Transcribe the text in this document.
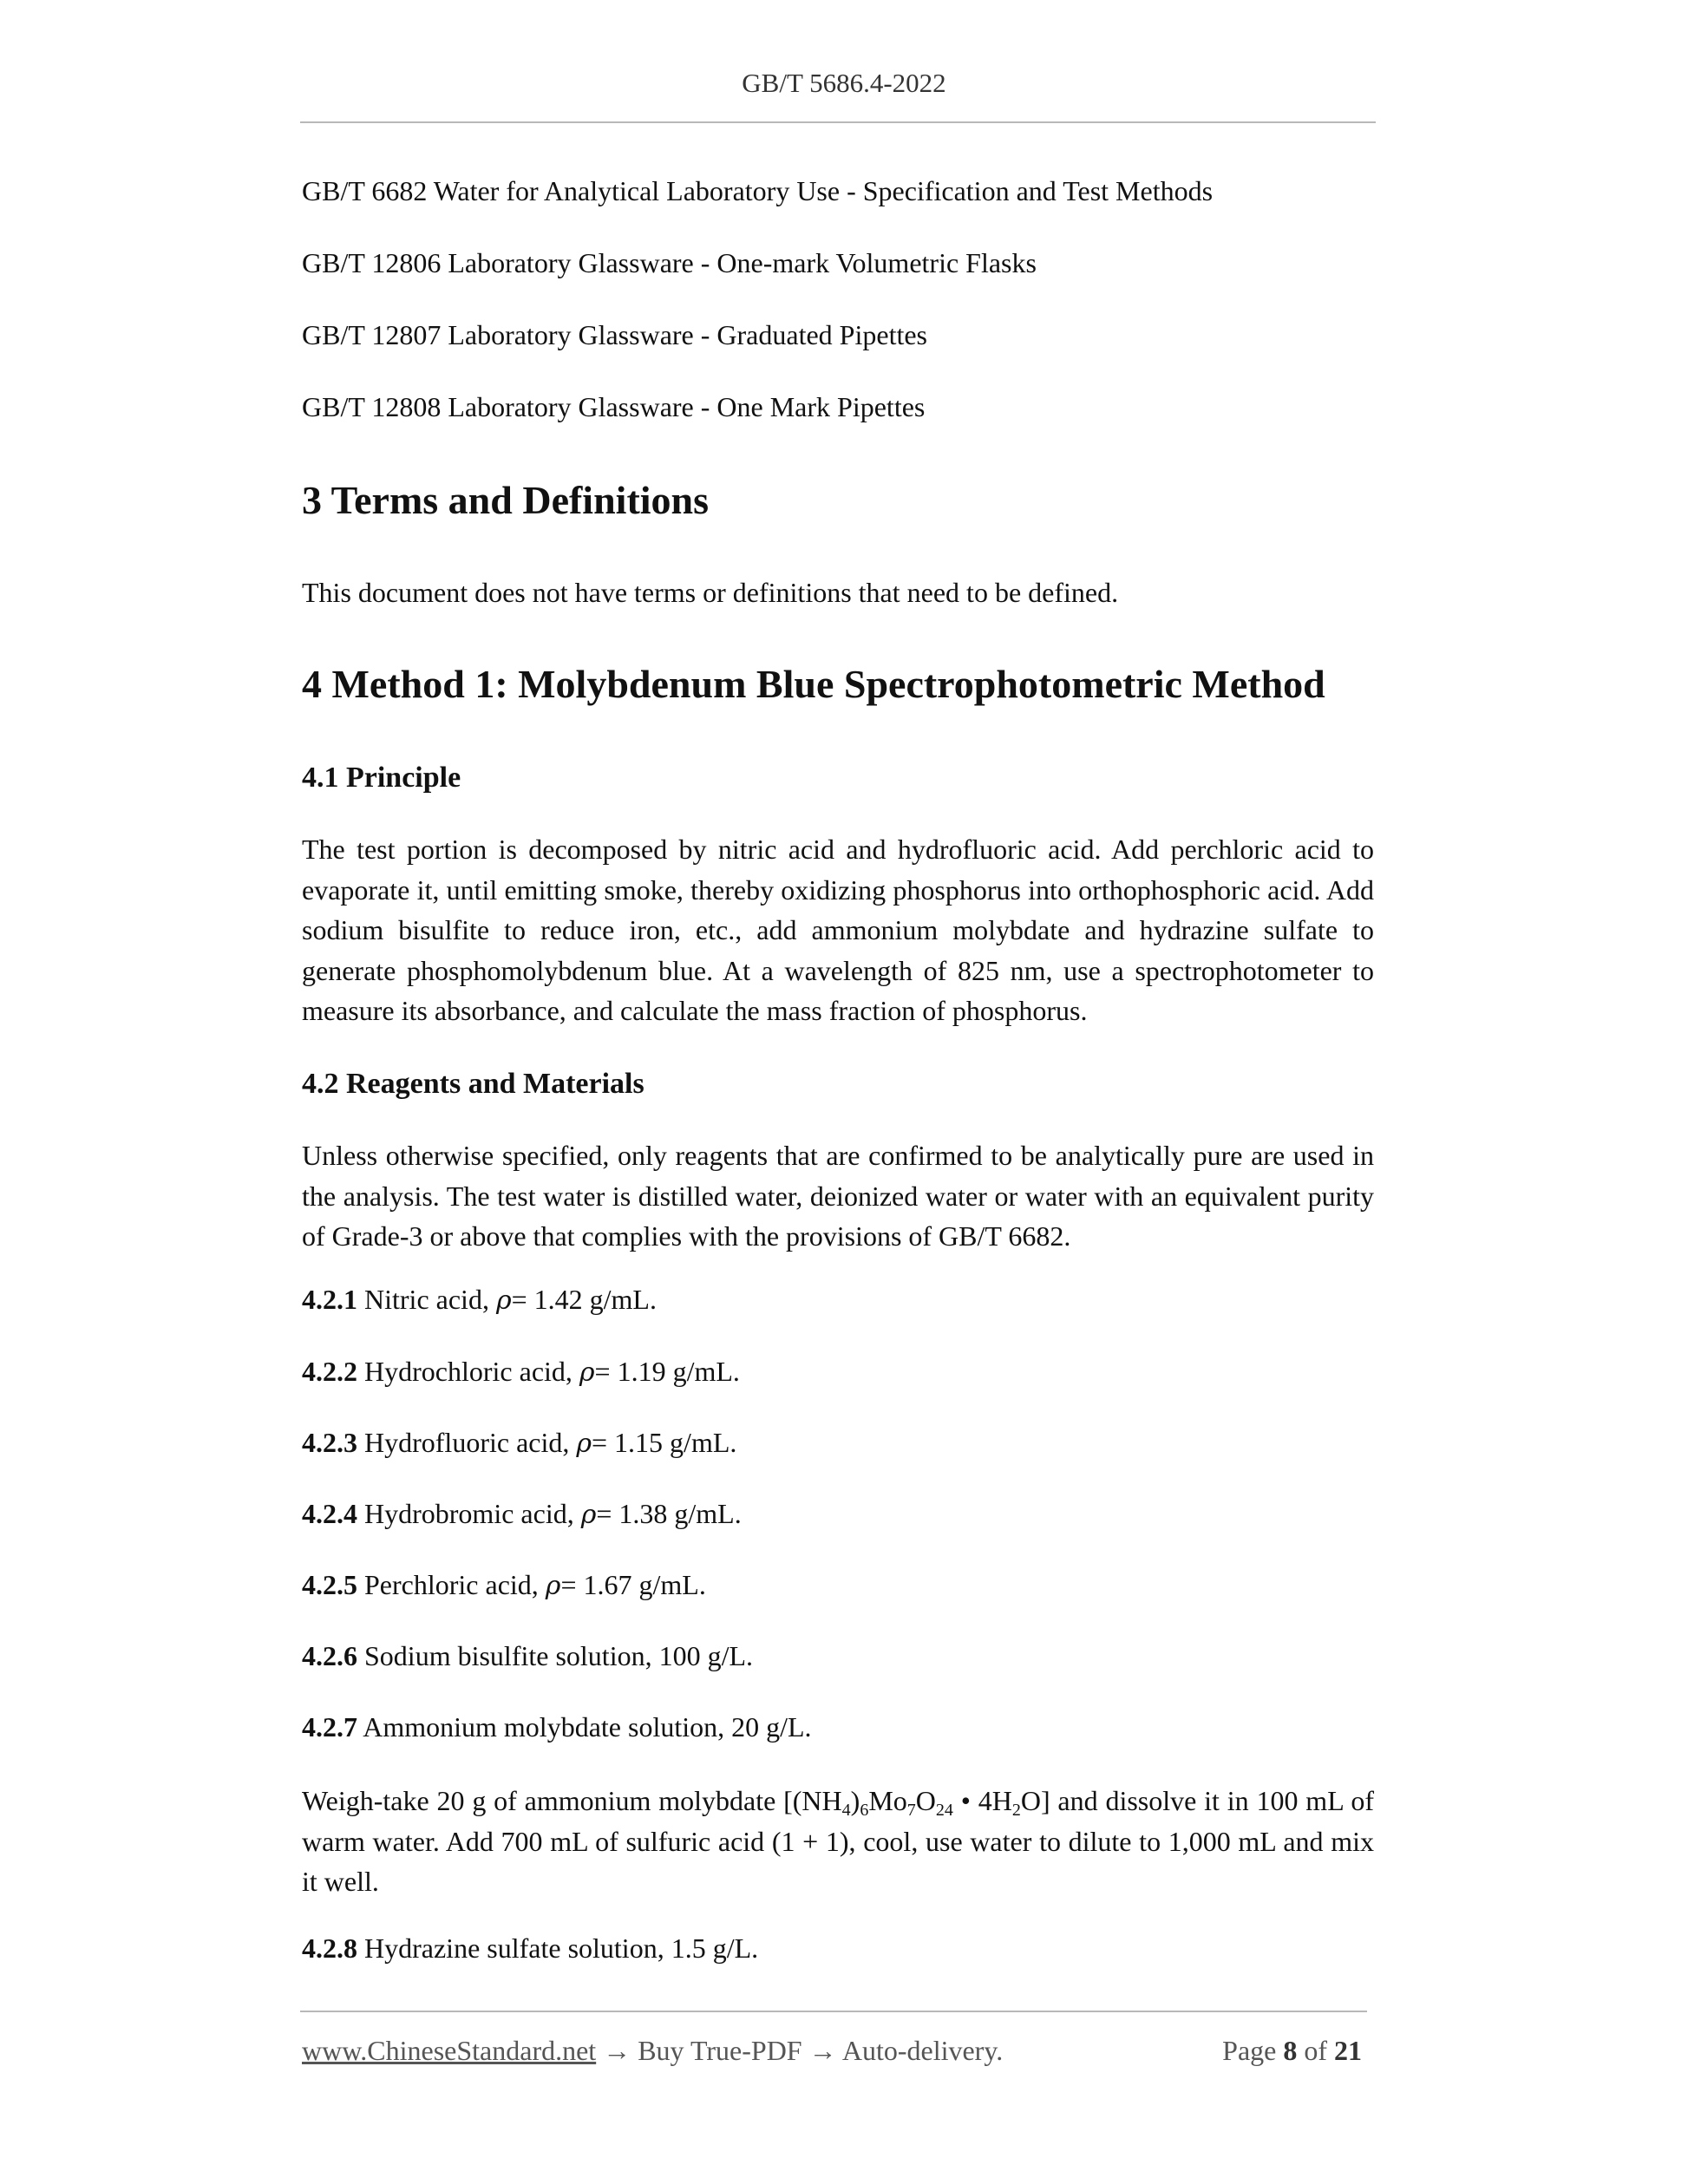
GB/T 5686.4-2022
GB/T 6682 Water for Analytical Laboratory Use - Specification and Test Methods
GB/T 12806 Laboratory Glassware - One-mark Volumetric Flasks
GB/T 12807 Laboratory Glassware - Graduated Pipettes
GB/T 12808 Laboratory Glassware - One Mark Pipettes
3 Terms and Definitions
This document does not have terms or definitions that need to be defined.
4 Method 1: Molybdenum Blue Spectrophotometric Method
4.1 Principle
The test portion is decomposed by nitric acid and hydrofluoric acid. Add perchloric acid to evaporate it, until emitting smoke, thereby oxidizing phosphorus into orthophosphoric acid. Add sodium bisulfite to reduce iron, etc., add ammonium molybdate and hydrazine sulfate to generate phosphomolybdenum blue. At a wavelength of 825 nm, use a spectrophotometer to measure its absorbance, and calculate the mass fraction of phosphorus.
4.2 Reagents and Materials
Unless otherwise specified, only reagents that are confirmed to be analytically pure are used in the analysis. The test water is distilled water, deionized water or water with an equivalent purity of Grade-3 or above that complies with the provisions of GB/T 6682.
4.2.1 Nitric acid, ρ= 1.42 g/mL.
4.2.2 Hydrochloric acid, ρ= 1.19 g/mL.
4.2.3 Hydrofluoric acid, ρ= 1.15 g/mL.
4.2.4 Hydrobromic acid, ρ= 1.38 g/mL.
4.2.5 Perchloric acid, ρ= 1.67 g/mL.
4.2.6 Sodium bisulfite solution, 100 g/L.
4.2.7 Ammonium molybdate solution, 20 g/L.
Weigh-take 20 g of ammonium molybdate [$(NH_4)_6Mo_7O_{24}$ • $4H_2O$] and dissolve it in 100 mL of warm water. Add 700 mL of sulfuric acid (1 + 1), cool, use water to dilute to 1,000 mL and mix it well.
4.2.8 Hydrazine sulfate solution, 1.5 g/L.
www.ChineseStandard.net → Buy True-PDF → Auto-delivery.	Page 8 of 21
